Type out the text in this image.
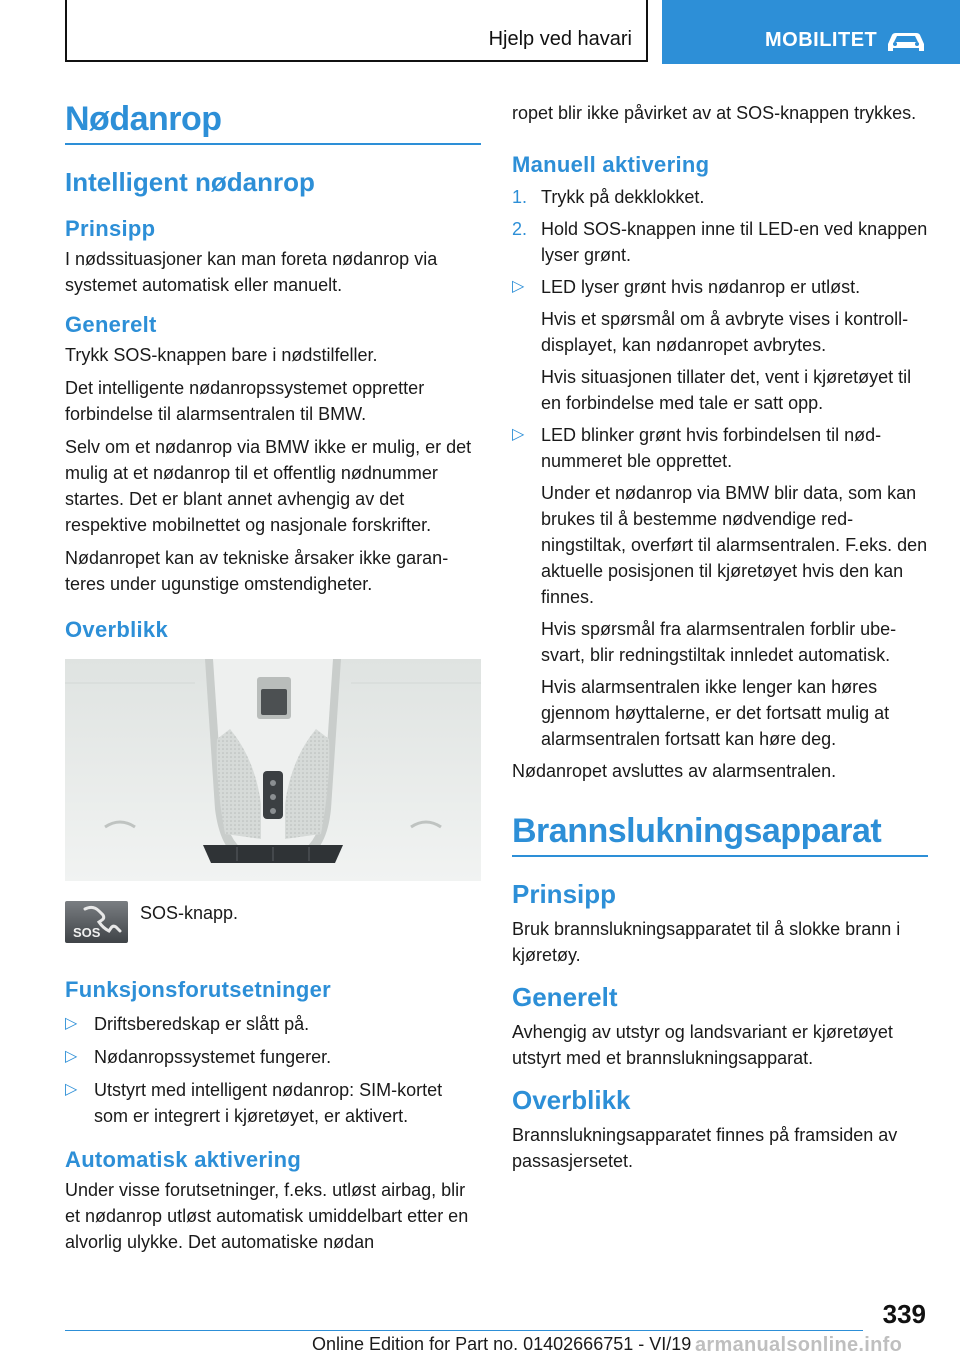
Hjelp ved havari	MOBILITET
Nødanrop
Intelligent nødanrop
Prinsipp

I nødssituasjoner kan man foreta nødanrop via systemet automatisk eller manuelt.

Generelt

Trykk SOS-knappen bare i nødstilfeller.

Det intelligente nødanropssystemet oppretter forbindelse til alarmsentralen til BMW.

Selv om et nødanrop via BMW ikke er mulig, er det mulig at et nødanrop til et offentlig nødnummer startes. Det er blant annet avhengig av det respektive mobilnettet og nasjonale forskrifter.

Nødanropet kan av tekniske årsaker ikke garanteres under ugunstige omstendigheter.

Overblikk
SOS
SOS-knapp.
Funksjonsforutsetninger
▷ Driftsberedskap er slått på.
▷ Nødanropssystemet fungerer.
▷ Utstyrt med intelligent nødanrop: SIM-kortet som er integrert i kjøretøyet, er aktivert.
Automatisk aktivering

Under visse forutsetninger, f.eks. utløst airbag, blir et nødanrop utløst automatisk umiddelbart etter en alvorlig ulykke. Det automatiske nødan

ropet blir ikke påvirket av at SOS-knappen trykkes.

Manuell aktivering
1. Trykk på dekklokket.
2. Hold SOS-knappen inne til LED-en ved knappen lyser grønt.
▷ LED lyser grønt hvis nødanrop er utløst.

Hvis et spørsmål om å avbryte vises i kontrolldisplayet, kan nødanropet avbrytes.

Hvis situasjonen tillater det, vent i kjøretøyet til en forbindelse med tale er satt opp.

▷ LED blinker grønt hvis forbindelsen til nødnummeret ble opprettet.

Under et nødanrop via BMW blir data, som kan brukes til å bestemme nødvendige redningstiltak, overført til alarmsentralen. F.eks. den aktuelle posisjonen til kjøretøyet hvis den kan finnes.

Hvis spørsmål fra alarmsentralen forblir ubesvart, blir redningstiltak innledet automatisk.

Hvis alarmsentralen ikke lenger kan høres gjennom høyttalerne, er det fortsatt mulig at alarmsentralen fortsatt kan høre deg.

Nødanropet avsluttes av alarmsentralen.

Brannslukningsapparat
Prinsipp

Bruk brannslukningsapparatet til å slokke brann i kjøretøy.

Generelt

Avhengig av utstyr og landsvariant er kjøretøyet utstyrt med et brannslukningsapparat.

Overblikk

Brannslukningsapparatet finnes på framsiden av passasjersetet.

339
Online Edition for Part no. 01402666751 - VI/19 armanualsonline.info
